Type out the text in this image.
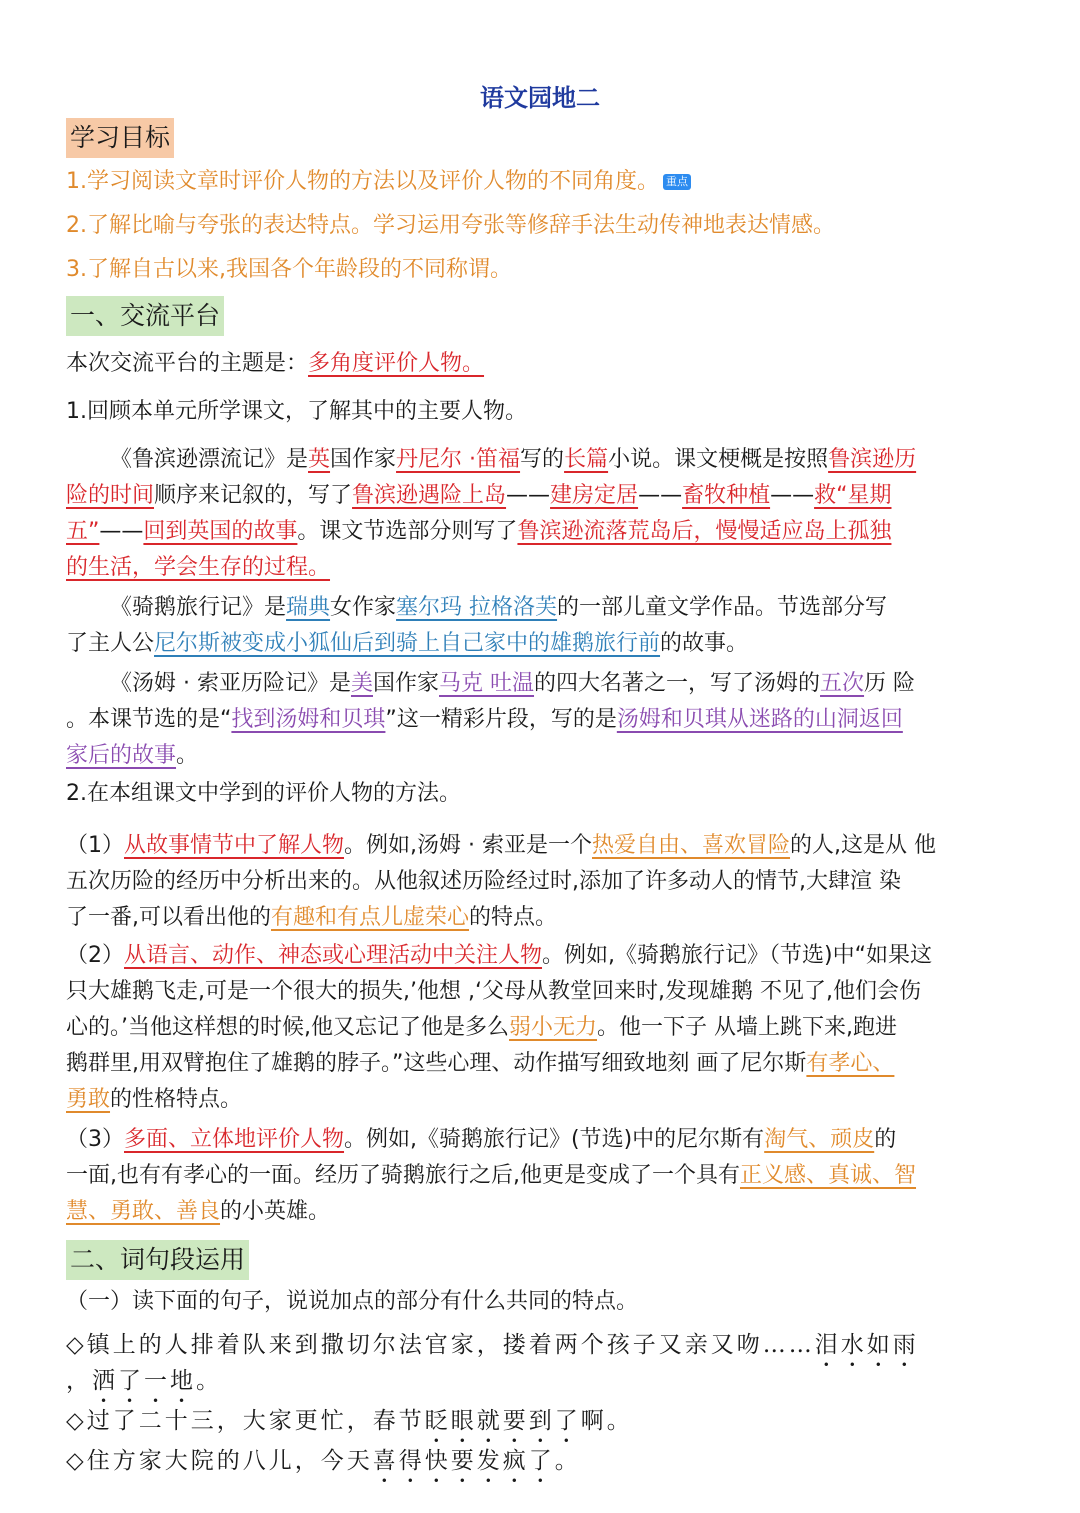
语文园地二
学习目标
1.学习阅读文章时评价人物的方法以及评价人物的不同角度。 重点
2.了解比喻与夸张的表达特点。学习运用夸张等修辞手法生动传神地表达情感。
3.了解自古以来,我国各个年龄段的不同称谓。
一、交流平台
本次交流平台的主题是：多角度评价人物。
1.回顾本单元所学课文，了解其中的主要人物。
《鲁滨逊漂流记》是英国作家丹尼尔 ·笛福写的长篇小说。课文梗概是按照鲁滨逊历
险的时间顺序来记叙的，写了鲁滨逊遇险上岛——建房定居——畜牧种植——救“星期
五”——回到英国的故事。课文节选部分则写了鲁滨逊流落荒岛后，慢慢适应岛上孤独
的生活，学会生存的过程。
《骑鹅旅行记》是瑞典女作家塞尔玛 拉格洛芙的一部儿童文学作品。节选部分写
了主人公尼尔斯被变成小狐仙后到骑上自己家中的雄鹅旅行前的故事。
《汤姆 · 索亚历险记》是美国作家马克 吐温的四大名著之一，写了汤姆的五次历 险
。本课节选的是“找到汤姆和贝琪”这一精彩片段，写的是汤姆和贝琪从迷路的山洞返回
家后的故事。
2.在本组课文中学到的评价人物的方法。
（1）从故事情节中了解人物。例如,汤姆 · 索亚是一个热爱自由、喜欢冒险的人,这是从 他
五次历险的经历中分析出来的。从他叙述历险经过时,添加了许多动人的情节,大肆渲 染
了一番,可以看出他的有趣和有点儿虚荣心的特点。
（2）从语言、动作、神态或心理活动中关注人物。例如,《骑鹅旅行记》（节选)中“如果这
只大雄鹅飞走,可是一个很大的损失,’他想 ,‘父母从教堂回来时,发现雄鹅 不见了,他们会伤
心的。’当他这样想的时候,他又忘记了他是多么弱小无力。他一下子 从墙上跳下来,跑进
鹅群里,用双臂抱住了雄鹅的脖子。”这些心理、动作描写细致地刻 画了尼尔斯有孝心、
勇敢的性格特点。
（3）多面、立体地评价人物。例如,《骑鹅旅行记》(节选)中的尼尔斯有淘气、顽皮的
一面,也有有孝心的一面。经历了骑鹅旅行之后,他更是变成了一个具有正义感、真诚、智
慧、勇敢、善良的小英雄。
二、词句段运用
（一）读下面的句子，说说加点的部分有什么共同的特点。
◇镇上的人排着队来到撒切尔法官家，搂着两个孩子又亲又吻……泪水如雨
，洒了一地。
◇过了二十三，大家更忙，春节眨眼就要到了啊。
◇住方家大院的八儿，今天喜得快要发疯了。
